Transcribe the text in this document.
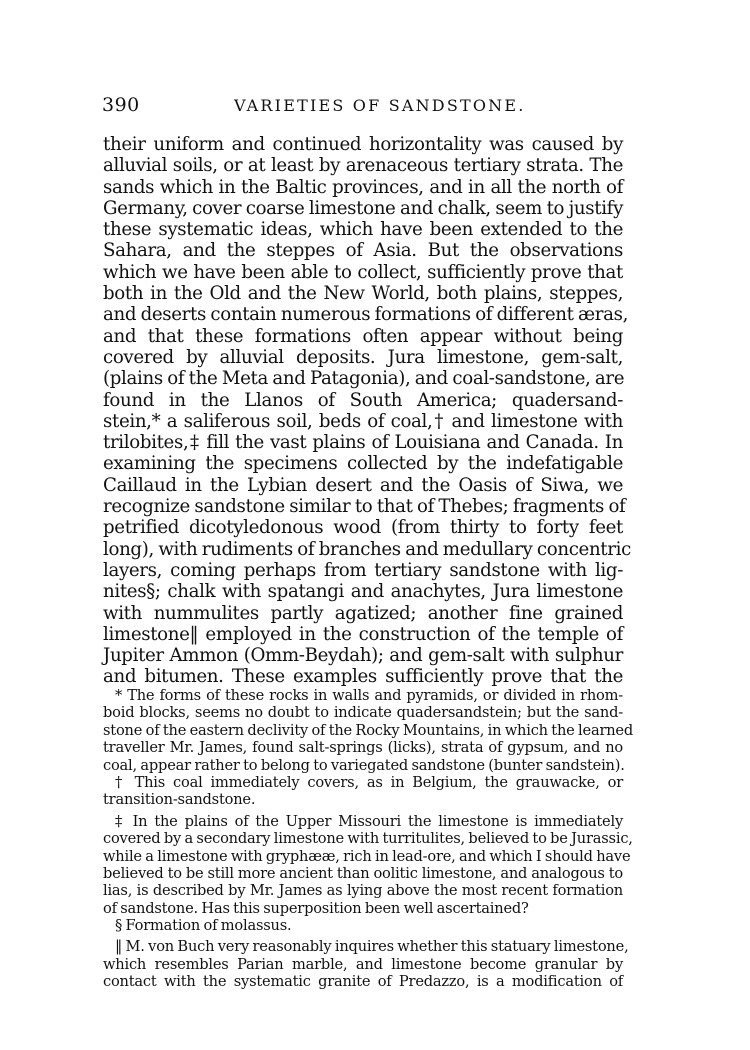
390	VARIETIES OF SANDSTONE.
their uniform and continued horizontality was caused by
alluvial soils, or at least by arenaceous tertiary strata. The
sands which in the Baltic provinces, and in all the north of
Germany, cover coarse limestone and chalk, seem to justify
these systematic ideas, which have been extended to the
Sahara, and the steppes of Asia. But the observations
which we have been able to collect, sufficiently prove that
both in the Old and the New World, both plains, steppes,
and deserts contain numerous formations of different æras,
and that these formations often appear without being
covered by alluvial deposits. Jura limestone, gem-salt,
(plains of the Meta and Patagonia), and coal-sandstone, are
found in the Llanos of South America; quadersand-
stein,* a saliferous soil, beds of coal,† and limestone with
trilobites,‡ fill the vast plains of Louisiana and Canada. In
examining the specimens collected by the indefatigable
Caillaud in the Lybian desert and the Oasis of Siwa, we
recognize sandstone similar to that of Thebes; fragments of
petrified dicotyledonous wood (from thirty to forty feet
long), with rudiments of branches and medullary concentric
layers, coming perhaps from tertiary sandstone with lig-
nites§; chalk with spatangi and anachytes, Jura limestone
with nummulites partly agatized; another fine grained
limestone‖ employed in the construction of the temple of
Jupiter Ammon (Omm-Beydah); and gem-salt with sulphur
and bitumen. These examples sufficiently prove that the
* The forms of these rocks in walls and pyramids, or divided in rhom-
boid blocks, seems no doubt to indicate quadersandstein; but the sand-
stone of the eastern declivity of the Rocky Mountains, in which the learned
traveller Mr. James, found salt-springs (licks), strata of gypsum, and no
coal, appear rather to belong to variegated sandstone (bunter sandstein).
† This coal immediately covers, as in Belgium, the grauwacke, or
transition-sandstone.
‡ In the plains of the Upper Missouri the limestone is immediately
covered by a secondary limestone with turritulites, believed to be Jurassic,
while a limestone with gryphææ, rich in lead-ore, and which I should have
believed to be still more ancient than oolitic limestone, and analogous to
lias, is described by Mr. James as lying above the most recent formation
of sandstone. Has this superposition been well ascertained?
§ Formation of molassus.
‖ M. von Buch very reasonably inquires whether this statuary limestone,
which resembles Parian marble, and limestone become granular by
contact with the systematic granite of Predazzo, is a modification of
